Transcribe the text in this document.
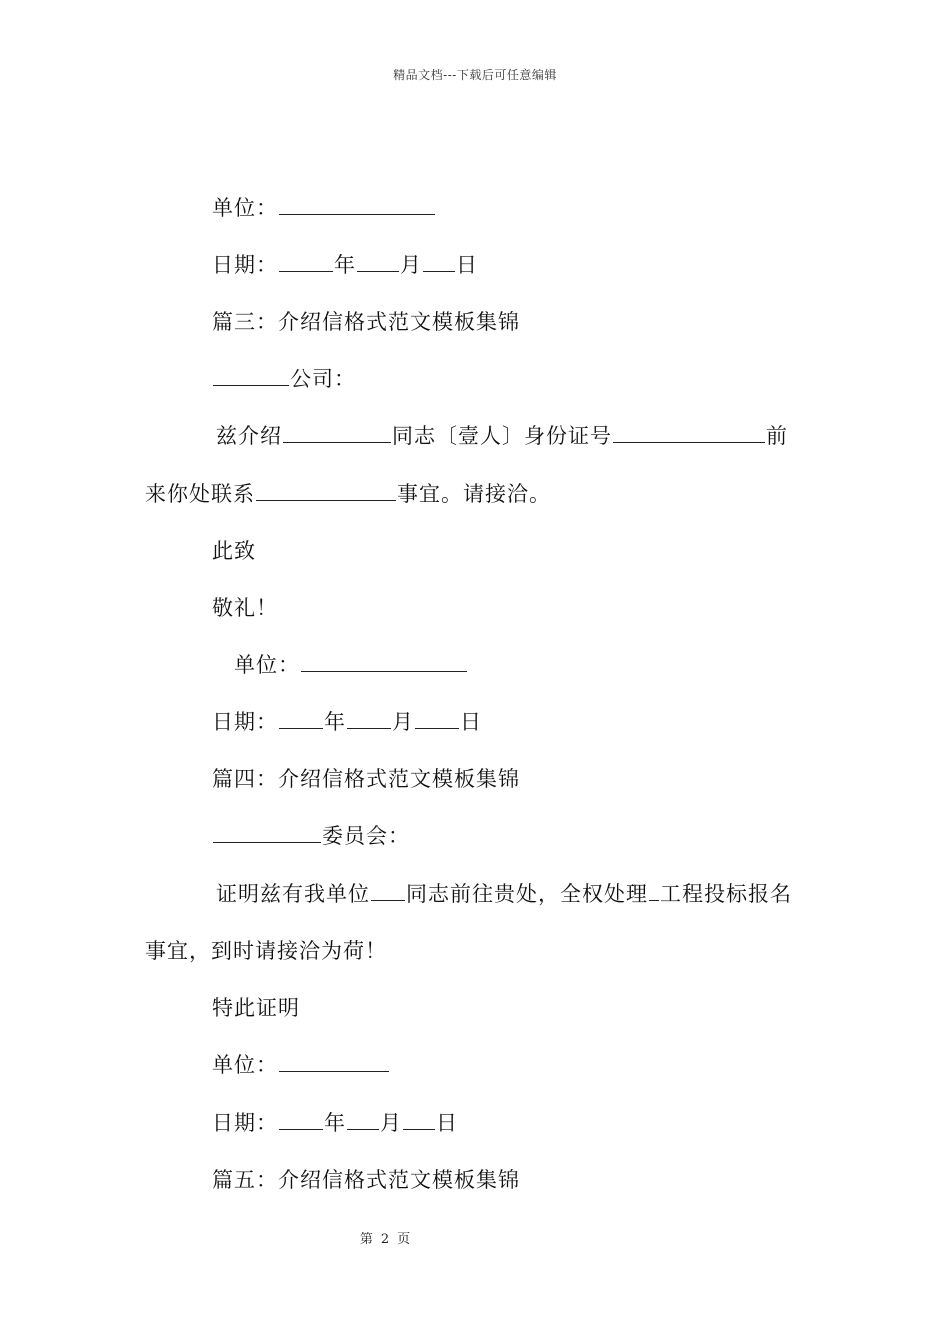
精品文档---下载后可任意编辑
单位：
日期：	年 月 日
篇三：介绍信格式范文模板集锦
公司：
兹介绍	同志〔壹人〕身份证号	前
来你处联系	事宜。请接洽。
此致
敬礼！
单位：
日期： 年 月 日
篇四：介绍信格式范文模板集锦
委员会：
证明兹有我单位 同志前往贵处，全权处理 工程投标报名
事宜，到时请接洽为荷！
特此证明
单位：
日期： 年 月 日
篇五：介绍信格式范文模板集锦
第 2 页
